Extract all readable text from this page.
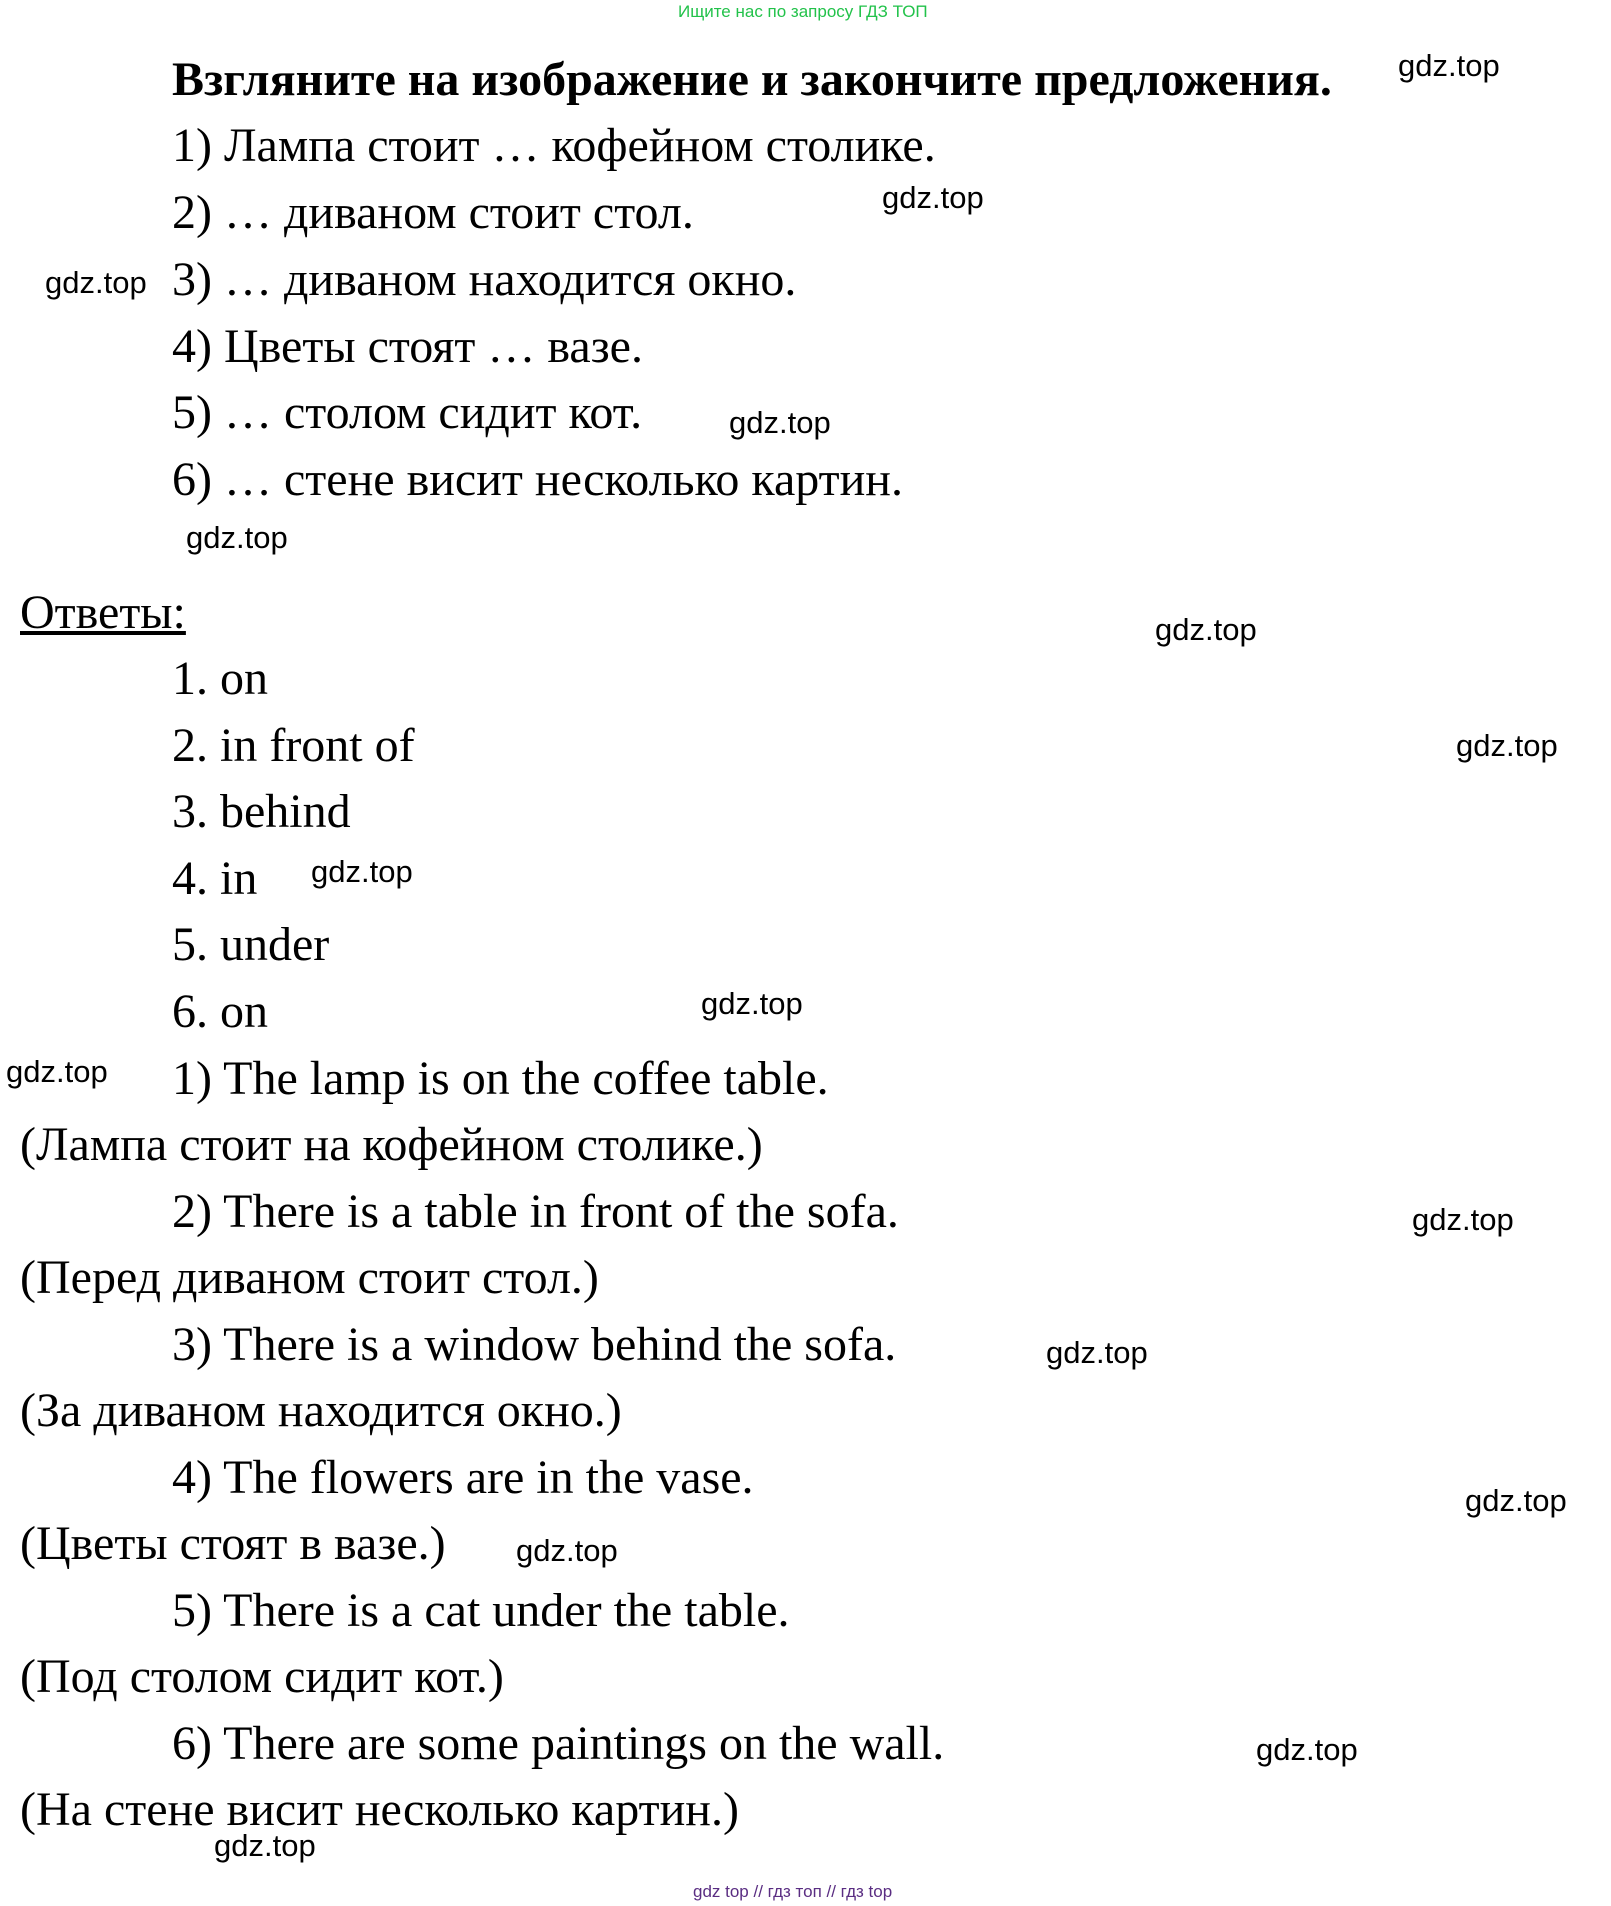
Ищите нас по запросу ГДЗ ТОП
Взгляните на изображение и закончите предложения.
1) Лампа стоит … кофейном столике.
2) … диваном стоит стол.
3) … диваном находится окно.
4) Цветы стоят … вазе.
5) … столом сидит кот.
6) … стене висит несколько картин.
Ответы:
1. on
2. in front of
3. behind
4. in
5. under
6. on
1) The lamp is on the coffee table.
(Лампа стоит на кофейном столике.)
2) There is a table in front of the sofa.
(Перед диваном стоит стол.)
3) There is a window behind the sofa.
(За диваном находится окно.)
4) The flowers are in the vase.
(Цветы стоят в вазе.)
5) There is a cat under the table.
(Под столом сидит кот.)
6) There are some paintings on the wall.
(На стене висит несколько картин.)
gdz.top
gdz.top
gdz.top
gdz.top
gdz.top
gdz.top
gdz.top
gdz.top
gdz.top
gdz.top
gdz.top
gdz.top
gdz.top
gdz.top
gdz.top
gdz.top
gdz top // гдз топ // гдз top
